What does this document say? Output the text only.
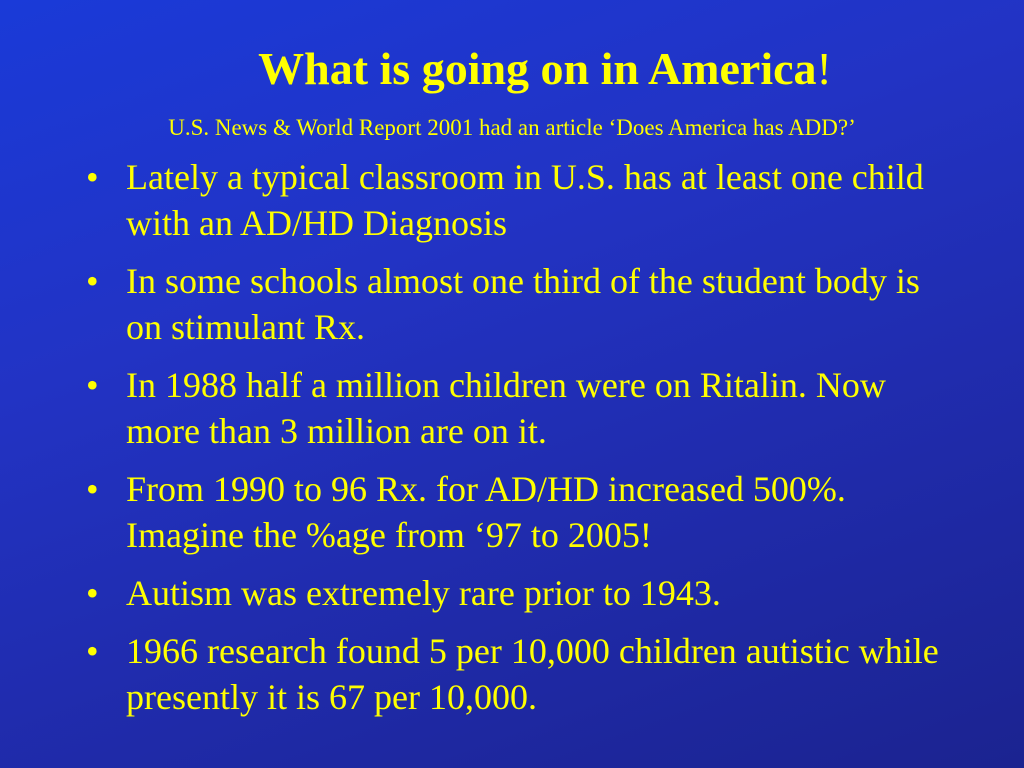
What is going on in America!
U.S. News & World Report 2001 had an article ‘Does America has ADD?’
• Lately a typical classroom in U.S. has at least one child with an AD/HD Diagnosis
• In some schools almost one third of the student body is on stimulant Rx.
• In 1988 half a million children were on Ritalin. Now more than 3 million are on it.
• From 1990 to 96 Rx. for AD/HD increased 500%. Imagine the %age from ‘97 to 2005!
• Autism was extremely rare prior to 1943.
• 1966 research found 5 per 10,000 children autistic while presently it is 67 per 10,000.
